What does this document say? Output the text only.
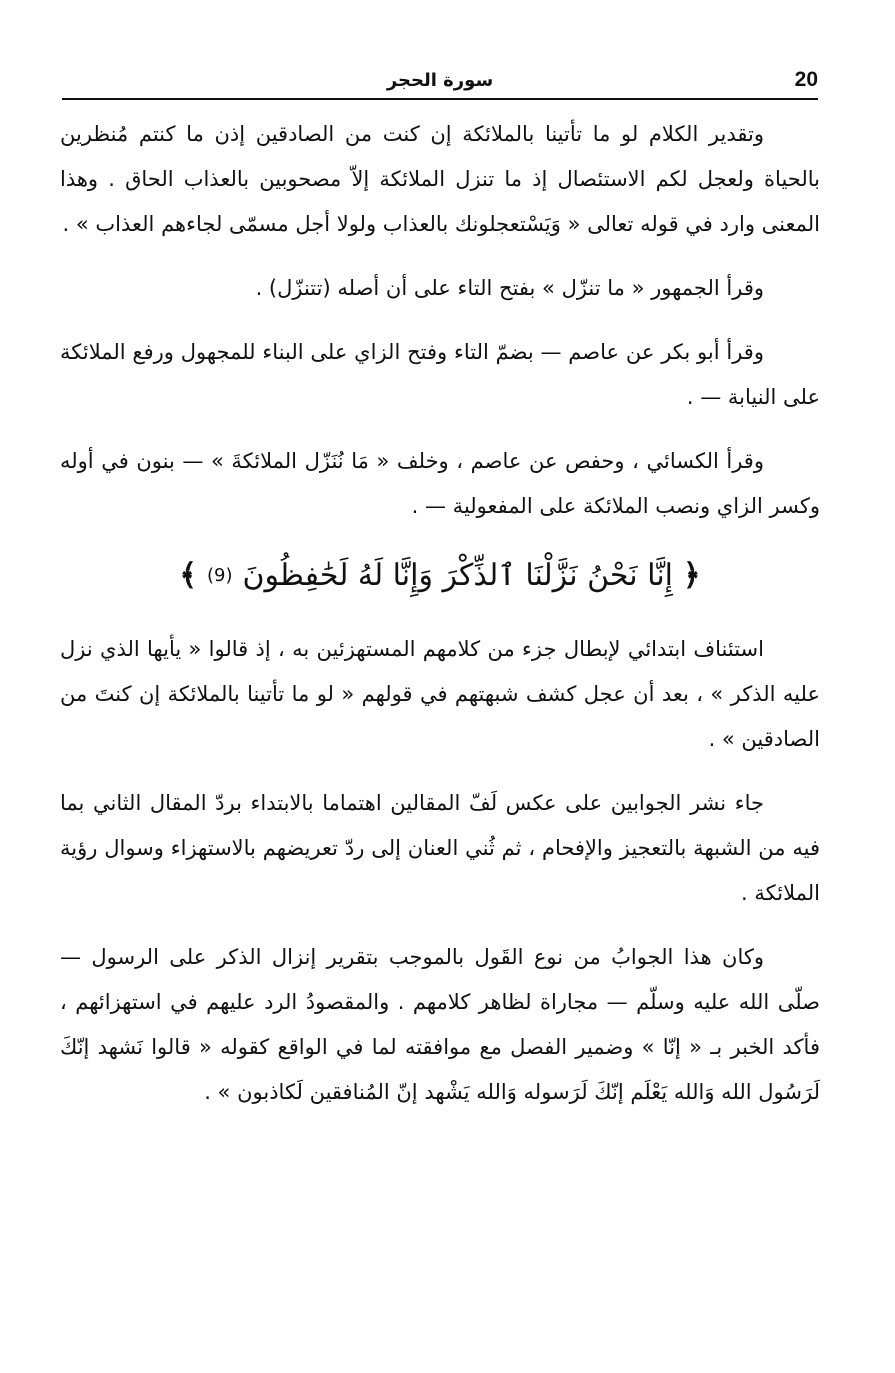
20
سورة الحجر

وتقدير الكلام لو ما تأتينا بالملائكة إن كنت من الصادقين إذن ما كنتم مُنظرين بالحياة ولعجل لكم الاستئصال إذ ما تنزل الملائكة إلاّ مصحوبين بالعذاب الحاق . وهذا المعنى وارد في قوله تعالى « وَيَسْتعجلونك بالعذاب ولولا أجل مسمّى لجاءهم العذاب » .

وقرأ الجمهور « ما تنزّل » بفتح التاء على أن أصله (تتنزّل) .

وقرأ أبو بكر عن عاصم — بضمّ التاء وفتح الزاي على البناء للمجهول ورفع الملائكة على النيابة — .

وقرأ الكسائي ، وحفص عن عاصم ، وخلف « مَا نُنَزّل الملائكةَ » — بنون في أوله وكسر الزاي ونصب الملائكة على المفعولية — .

﴿
إِنَّا نَحْنُ نَزَّلْنَا ٱلذِّكْرَ وَإِنَّا لَهُ لَحَٰفِظُونَ
(9)
﴾

استئناف ابتدائي لإبطال جزء من كلامهم المستهزئين به ، إذ قالوا « يأيها الذي نزل عليه الذكر » ، بعد أن عجل كشف شبهتهم في قولهم « لو ما تأتينا بالملائكة إن كنتَ من الصادقين » .

جاء نشر الجوابين على عكس لَفّ المقالين اهتماما بالابتداء بردّ المقال الثاني بما فيه من الشبهة بالتعجيز والإفحام ، ثم ثُني العنان إلى ردّ تعريضهم بالاستهزاء وسوال رؤية الملائكة .

وكان هذا الجوابُ من نوع القَول بالموجب بتقرير إنزال الذكر على الرسول — صلّى الله عليه وسلّم — مجاراة لظاهر كلامهم . والمقصودُ الرد عليهم في استهزائهم ، فأكد الخبر بـ « إنّا » وضمير الفصل مع موافقته لما في الواقع كقوله « قالوا نَشهد إنّكَ لَرَسُول الله وَالله يَعْلَم إنّكَ لَرَسوله وَالله يَشْهد إنّ المُنافقين لَكاذبون » .
